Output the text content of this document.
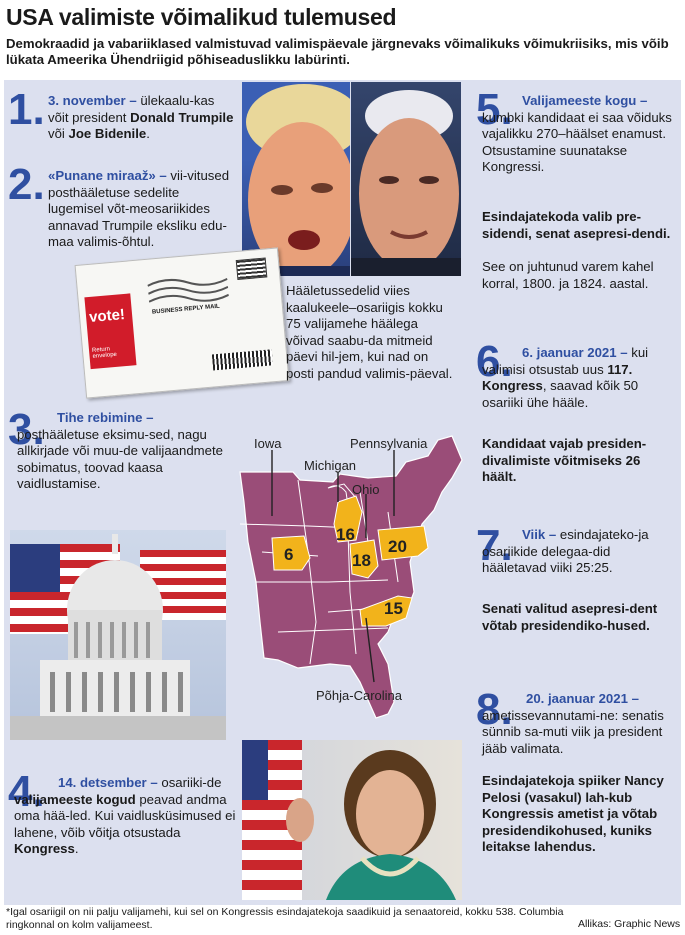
USA valimiste võimalikud tulemused
Demokraadid ja vabariiklased valmistuvad valimispäevale järgnevaks võimalikuks võimukriisiks, mis võib lükata Ameerika Ühendriigid põhiseaduslikku labürinti.
1. 3. november – ülekaalu-kas võit president Donald Trumpile või Joe Bidenile.
2. «Punane miraaž» – vii-vitused posthääletuse sedelite lugemisel võt-meosariikides annavad Trumpile eksliku edu-maa valimis-õhtul.
vote!
Return envelope
BUSINESS REPLY MAIL
Hääletussedelid viies kaalukeele–osariigis kokku 75 valijamehe häälega võivad saabu-da mitmeid päevi hil-jem, kui nad on posti pandud valimis-päeval.
3. Tihe rebimine – posthääletuse eksimu-sed, nagu allkirjade või muu-de valijaandmete sobimatus, toovad kaasa vaidlustamise.
Iowa
Michigan
Ohio
Pennsylvania
Põhja-Carolina
6
16
18
20
15
4.	14. detsember – osariiki-de valijameeste kogud peavad andma oma hää-led. Kui vaidlusküsimused ei lahene, võib võitja otsustada Kongress.
5. Valijameeste kogu – kumbki kandidaat ei saa võiduks vajalikku 270–häälset enamust. Otsustamine suunatakse Kongressi.
Esindajatekoda valib pre-sidendi, senat asepresi-dendi.
See on juhtunud varem kahel korral, 1800. ja 1824. aastal.
6. 6. jaanuar 2021 – kui valimisi otsustab uus 117. Kongress, saavad kõik 50 osariiki ühe hääle.
Kandidaat vajab presiden-divalimiste võitmiseks 26 häält.
7. Viik – esindajateko-ja osariikide delegaa-did hääletavad viiki 25:25.
Senati valitud asepresi-dent võtab presidendiko-hused.
8.	20. jaanuar 2021 – ametissevannutami-ne: senatis sünnib sa-muti viik ja president jääb valimata.
Esindajatekoja spiiker Nancy Pelosi (vasakul) lah-kub Kongressis ametist ja võtab presidendikohused, kuniks leitakse lahendus.
*Igal osariigil on nii palju valijamehi, kui sel on Kongressis esindajatekoja saadikuid ja senaatoreid, kokku 538. Columbia ringkonnal on kolm valijameest.	Allikas: Graphic News
